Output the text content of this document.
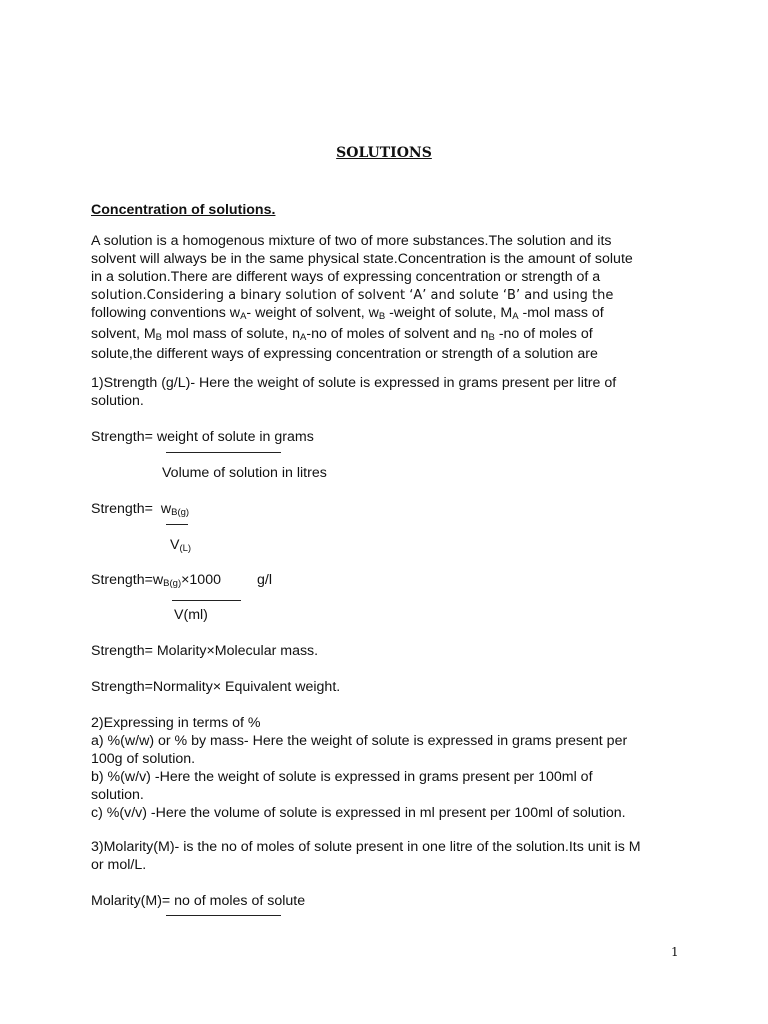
SOLUTIONS
Concentration of solutions.

A solution is a homogenous mixture of two of more substances.The solution and its

solvent will always be in the same physical state.Concentration is the amount of solute

in a solution.There are different ways of expressing concentration or strength of a

solution.Considering a binary solution of solvent ‘A’ and solute ‘B’ and using the

following conventions $w_A-$ weight of solvent, $w_B$ -weight of solute, $M_A$ -mol mass of

solvent, $M_B$ mol mass of solute, $n_A-no$ of moles of solvent and $n_B$ -no of moles of

solute,the different ways of expressing concentration or strength of a solution are

1)Strength (g/L)- Here the weight of solute is expressed in grams present per litre of

solution.

Strength= weight of solute in grams
Volume of solution in litres
Strength= $w_{B(g)}$
$V_{(L)}$
$Strength=w_{B(g)}\times 1000$	g/l
V(ml)
Strength= Molarity×Molecular mass.
Strength=Normality× Equivalent weight.

2)Expressing in terms of %

a) %(w/w) or % by mass- Here the weight of solute is expressed in grams present per

100g of solution.

b) %(w/v) -Here the weight of solute is expressed in grams present per 100ml of

solution.

c) %(v/v) -Here the volume of solute is expressed in ml present per 100ml of solution.

3)Molarity(M)- is the no of moles of solute present in one litre of the solution.Its unit is M

or mol/L.

Molarity(M)= no of moles of solute
1
